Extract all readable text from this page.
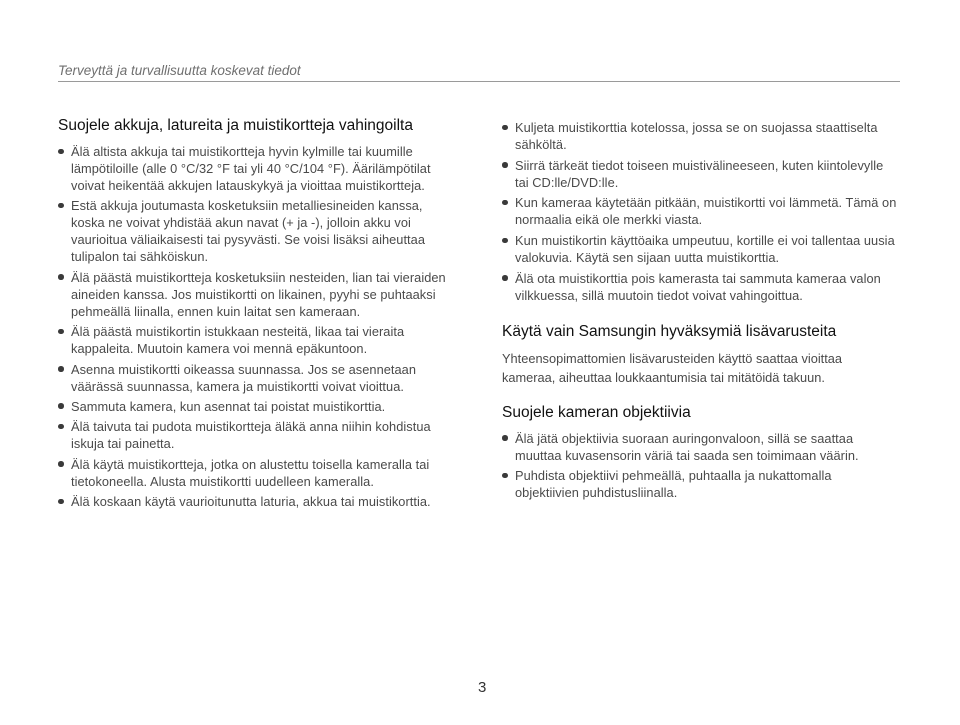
Terveyttä ja turvallisuutta koskevat tiedot
Suojele akkuja, latureita ja muistikortteja vahingoilta
Älä altista akkuja tai muistikortteja hyvin kylmille tai kuumille lämpötiloille (alle 0 °C/32 °F tai yli 40 °C/104 °F). Äärilämpötilat voivat heikentää akkujen latauskykyä ja vioittaa muistikortteja.
Estä akkuja joutumasta kosketuksiin metalliesineiden kanssa, koska ne voivat yhdistää akun navat (+ ja -), jolloin akku voi vaurioitua väliaikaisesti tai pysyvästi. Se voisi lisäksi aiheuttaa tulipalon tai sähköiskun.
Älä päästä muistikortteja kosketuksiin nesteiden, lian tai vieraiden aineiden kanssa. Jos muistikortti on likainen, pyyhi se puhtaaksi pehmeällä liinalla, ennen kuin laitat sen kameraan.
Älä päästä muistikortin istukkaan nesteitä, likaa tai vieraita kappaleita. Muutoin kamera voi mennä epäkuntoon.
Asenna muistikortti oikeassa suunnassa. Jos se asennetaan väärässä suunnassa, kamera ja muistikortti voivat vioittua.
Sammuta kamera, kun asennat tai poistat muistikorttia.
Älä taivuta tai pudota muistikortteja äläkä anna niihin kohdistua iskuja tai painetta.
Älä käytä muistikortteja, jotka on alustettu toisella kameralla tai tietokoneella. Alusta muistikortti uudelleen kameralla.
Älä koskaan käytä vaurioitunutta laturia, akkua tai muistikorttia.
Kuljeta muistikorttia kotelossa, jossa se on suojassa staattiselta sähköltä.
Siirrä tärkeät tiedot toiseen muistivälineeseen, kuten kiintolevylle tai CD:lle/DVD:lle.
Kun kameraa käytetään pitkään, muistikortti voi lämmetä. Tämä on normaalia eikä ole merkki viasta.
Kun muistikortin käyttöaika umpeutuu, kortille ei voi tallentaa uusia valokuvia. Käytä sen sijaan uutta muistikorttia.
Älä ota muistikorttia pois kamerasta tai sammuta kameraa valon vilkkuessa, sillä muutoin tiedot voivat vahingoittua.
Käytä vain Samsungin hyväksymiä lisävarusteita

Yhteensopimattomien lisävarusteiden käyttö saattaa vioittaa kameraa, aiheuttaa loukkaantumisia tai mitätöidä takuun.

Suojele kameran objektiivia
Älä jätä objektiivia suoraan auringonvaloon, sillä se saattaa muuttaa kuvasensorin väriä tai saada sen toimimaan väärin.
Puhdista objektiivi pehmeällä, puhtaalla ja nukattomalla objektiivien puhdistusliinalla.
3
